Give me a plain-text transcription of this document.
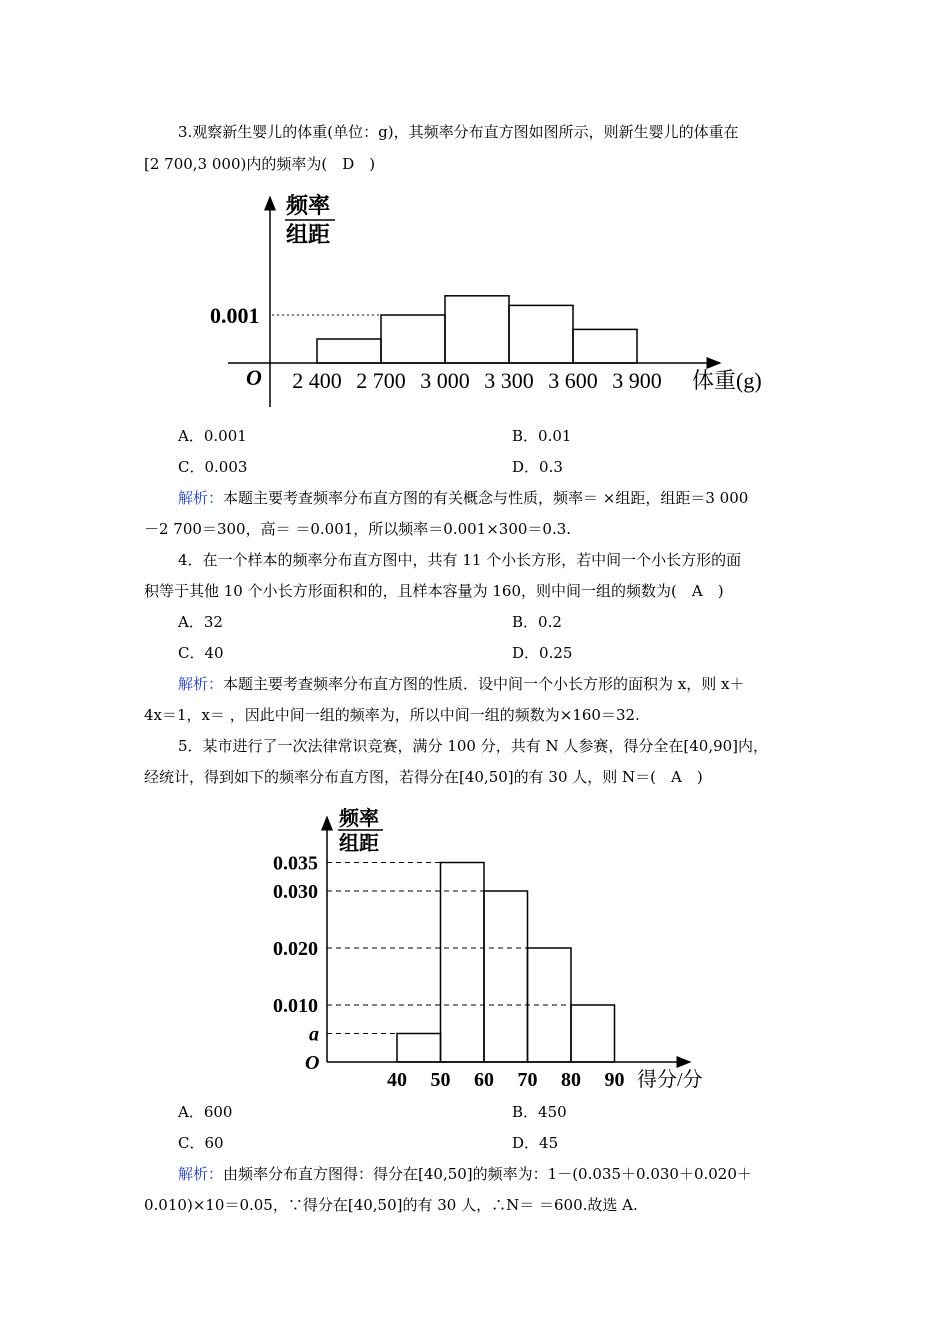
3.观察新生婴儿的体重(单位：g)，其频率分布直方图如图所示，则新生婴儿的体重在
[2 700,3 000)内的频率为(　D　)
频率
组距
0.001
O 2 400 2 700 3 000 3 300 3 600 3 900 体重(g)
A．0.001	B．0.01
C．0.003	D．0.3
解析：本题主要考查频率分布直方图的有关概念与性质，频率＝ ×组距，组距＝3 000
－2 700＝300，高＝ ＝0.001，所以频率＝0.001×300＝0.3.
4．在一个样本的频率分布直方图中，共有 11 个小长方形，若中间一个小长方形的面
积等于其他 10 个小长方形面积和的，且样本容量为 160，则中间一组的频数为(　A　)
A．32	B．0.2
C．40	D．0.25
解析：本题主要考查频率分布直方图的性质．设中间一个小长方形的面积为 x，则 x＋
4x＝1，x＝ ，因此中间一组的频率为，所以中间一组的频数为×160＝32.
5．某市进行了一次法律常识竞赛，满分 100 分，共有 N 人参赛，得分全在[40,90]内，
经统计，得到如下的频率分布直方图，若得分在[40,50]的有 30 人，则 N＝(　A　)
频率
组距
O
a
0.010
0.020
0.030
0.035
40 50 60 70 80 90 得分/分
A．600	B．450
C．60	D．45
解析：由频率分布直方图得：得分在[40,50]的频率为：1－(0.035＋0.030＋0.020＋
0.010)×10＝0.05，∵得分在[40,50]的有 30 人，∴N＝ ＝600.故选 A.
